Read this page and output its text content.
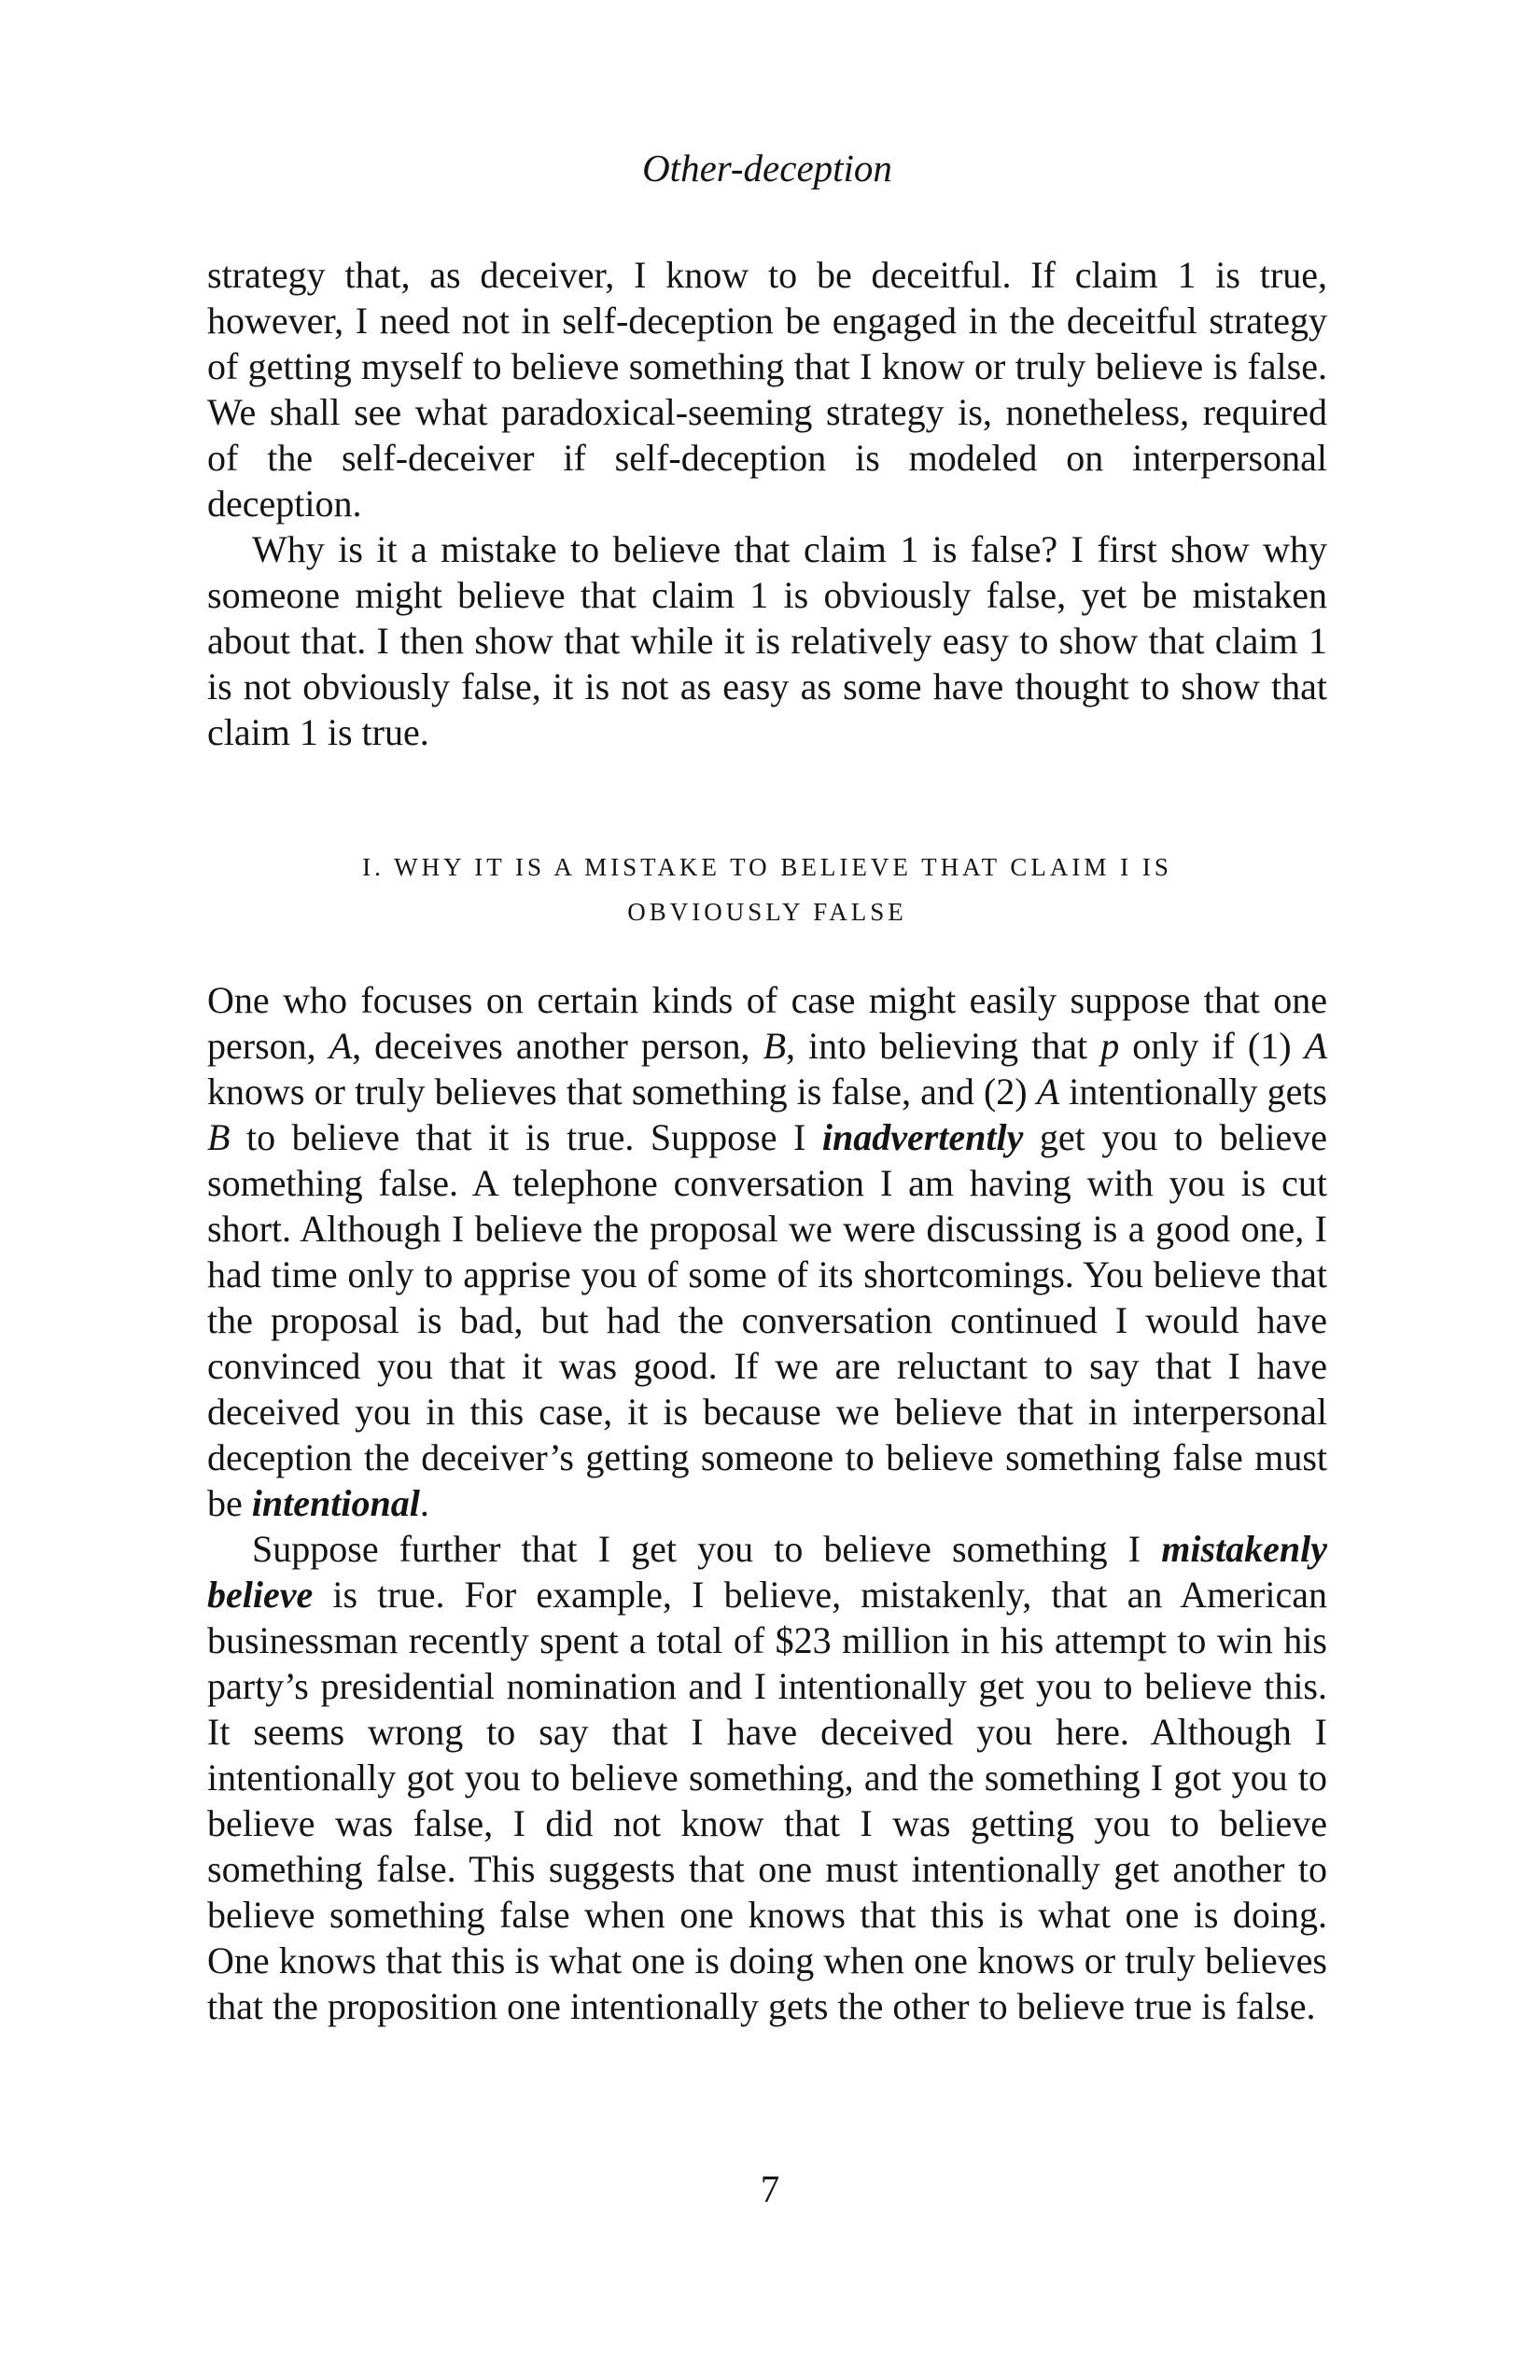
Other-deception

strategy that, as deceiver, I know to be deceitful. If claim 1 is true, however, I need not in self-deception be engaged in the deceitful strategy of getting myself to believe something that I know or truly believe is false. We shall see what paradoxical-seeming strategy is, nonetheless, required of the self-deceiver if self-deception is modeled on interpersonal deception.

Why is it a mistake to believe that claim 1 is false? I first show why someone might believe that claim 1 is obviously false, yet be mistaken about that. I then show that while it is relatively easy to show that claim 1 is not obviously false, it is not as easy as some have thought to show that claim 1 is true.

I. WHY IT IS A MISTAKE TO BELIEVE THAT CLAIM I IS
OBVIOUSLY FALSE

One who focuses on certain kinds of case might easily suppose that one person, A, deceives another person, B, into believing that p only if (1) A knows or truly believes that something is false, and (2) A intentionally gets B to believe that it is true. Suppose I inadvertently get you to believe something false. A telephone conversation I am having with you is cut short. Although I believe the proposal we were discussing is a good one, I had time only to apprise you of some of its shortcomings. You believe that the proposal is bad, but had the conversation continued I would have convinced you that it was good. If we are reluctant to say that I have deceived you in this case, it is because we believe that in interpersonal deception the deceiver’s getting someone to believe something false must be intentional.

Suppose further that I get you to believe something I mistakenly believe is true. For example, I believe, mistakenly, that an American businessman recently spent a total of $23 million in his attempt to win his party’s presidential nomination and I intentionally get you to believe this. It seems wrong to say that I have deceived you here. Although I intentionally got you to believe something, and the something I got you to believe was false, I did not know that I was getting you to believe something false. This suggests that one must intentionally get another to believe something false when one knows that this is what one is doing. One knows that this is what one is doing when one knows or truly believes that the proposition one intentionally gets the other to believe true is false.

7
